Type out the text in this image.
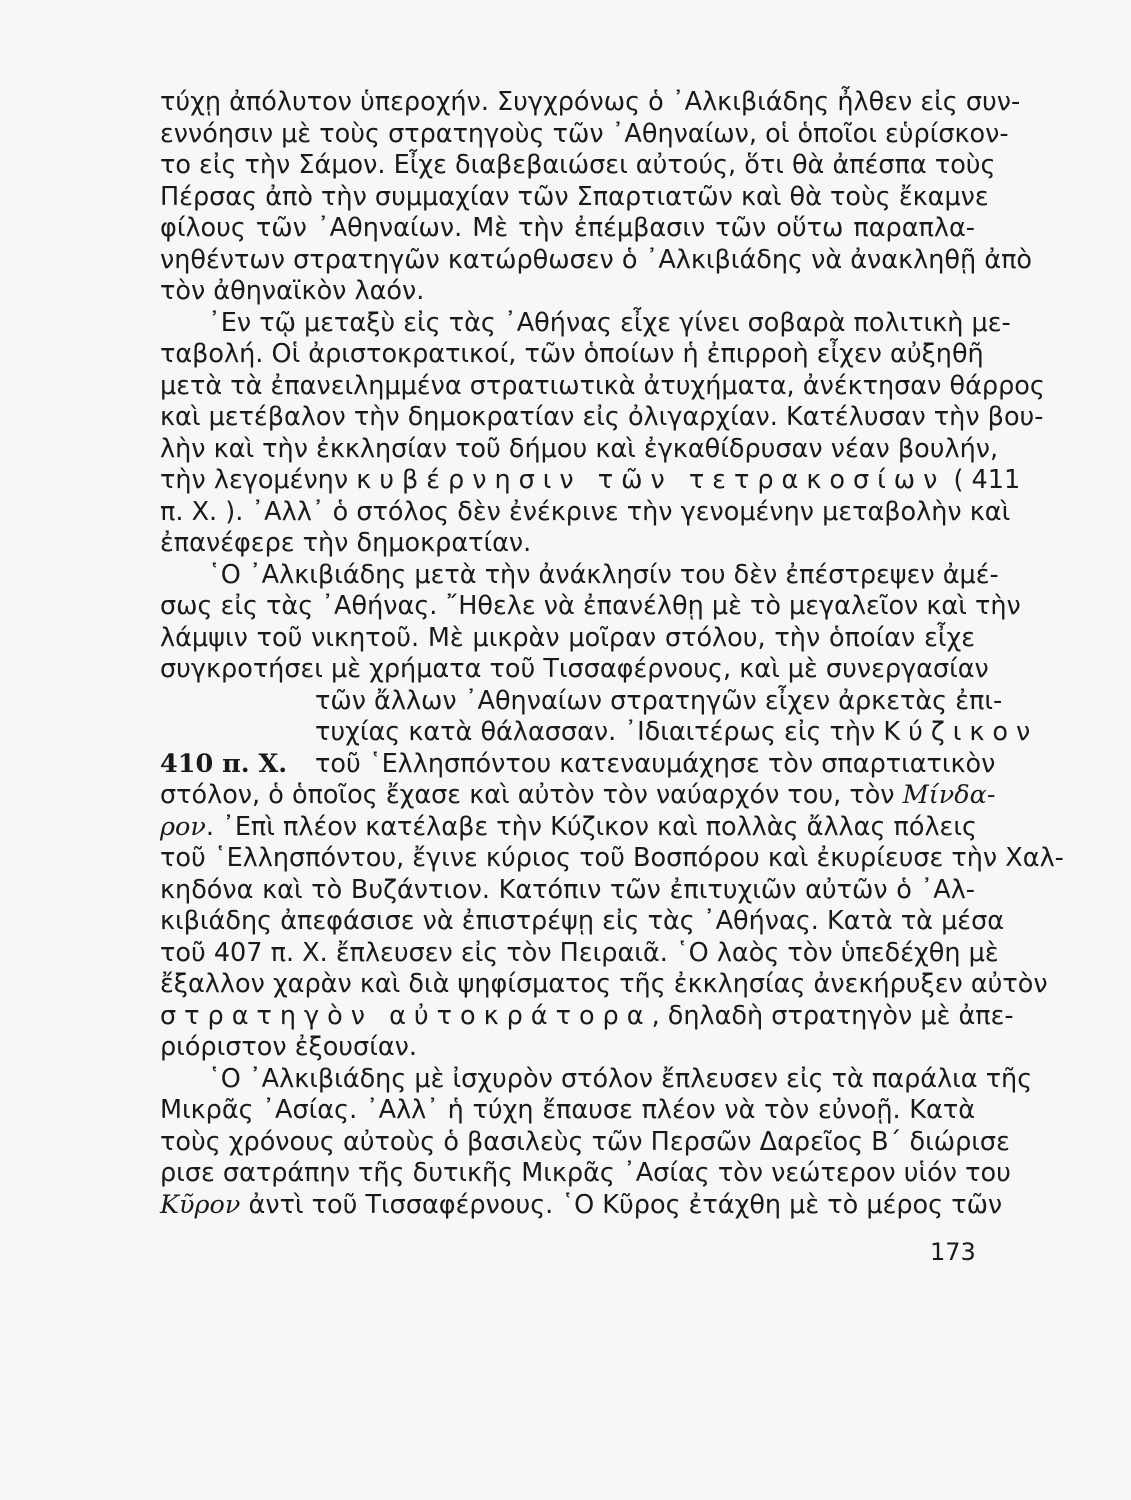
τύχῃ ἀπόλυτον ὑπεροχήν. Συγχρόνως ὁ ᾿Αλκιβιάδης ἦλθεν εἰς συν-
εννόησιν μὲ τοὺς στρατηγοὺς τῶν ᾿Αθηναίων, οἱ ὁποῖοι εὑρίσκον-
το εἰς τὴν Σάμον. Εἶχε διαβεβαιώσει αὐτούς, ὅτι θὰ ἀπέσπα τοὺς
Πέρσας ἀπὸ τὴν συμμαχίαν τῶν Σπαρτιατῶν καὶ θὰ τοὺς ἔκαμνε
φίλους τῶν ᾿Αθηναίων. Μὲ τὴν ἐπέμβασιν τῶν οὕτω παραπλα-
νηθέντων στρατηγῶν κατώρθωσεν ὁ ᾿Αλκιβιάδης νὰ ἀνακληθῇ ἀπὸ
τὸν ἀθηναϊκὸν λαόν.
᾿Εν τῷ μεταξὺ εἰς τὰς ᾿Αθήνας εἶχε γίνει σοβαρὰ πολιτικὴ με-
ταβολή. Οἱ ἀριστοκρατικοί, τῶν ὁποίων ἡ ἐπιρροὴ εἶχεν αὐξηθῆ
μετὰ τὰ ἐπανειλημμένα στρατιωτικὰ ἀτυχήματα, ἀνέκτησαν θάρρος
καὶ μετέβαλον τὴν δημοκρατίαν εἰς ὀλιγαρχίαν. Κατέλυσαν τὴν βου-
λὴν καὶ τὴν ἐκκλησίαν τοῦ δήμου καὶ ἐγκαθίδρυσαν νέαν βουλήν,
τὴν λεγομένην κυβέρνησιν τῶν τετρακοσίων ( 411
π. Χ. ). ᾿Αλλ᾿ ὁ στόλος δὲν ἐνέκρινε τὴν γενομένην μεταβολὴν καὶ
ἐπανέφερε τὴν δημοκρατίαν.
῾Ο ᾿Αλκιβιάδης μετὰ τὴν ἀνάκλησίν του δὲν ἐπέστρεψεν ἀμέ-
σως εἰς τὰς ᾿Αθήνας. ῎Ηθελε νὰ ἐπανέλθῃ μὲ τὸ μεγαλεῖον καὶ τὴν
λάμψιν τοῦ νικητοῦ. Μὲ μικρὰν μοῖραν στόλου, τὴν ὁποίαν εἶχε
συγκροτήσει μὲ χρήματα τοῦ Τισσαφέρνους, καὶ μὲ συνεργασίαν
τῶν ἄλλων ᾿Αθηναίων στρατηγῶν εἶχεν ἀρκετὰς ἐπι-
410 π. Χ.
τυχίας κατὰ θάλασσαν. ᾿Ιδιαιτέρως εἰς τὴν Κύζικον
τοῦ ῾Ελλησπόντου κατεναυμάχησε τὸν σπαρτιατικὸν
στόλον, ὁ ὁποῖος ἔχασε καὶ αὐτὸν τὸν ναύαρχόν του, τὸν Μίνδα-
ρον. ᾿Επὶ πλέον κατέλαβε τὴν Κύζικον καὶ πολλὰς ἄλλας πόλεις
τοῦ ῾Ελλησπόντου, ἔγινε κύριος τοῦ Βοσπόρου καὶ ἐκυρίευσε τὴν Χαλ-
κηδόνα καὶ τὸ Βυζάντιον. Κατόπιν τῶν ἐπιτυχιῶν αὐτῶν ὁ ᾿Αλ-
κιβιάδης ἀπεφάσισε νὰ ἐπιστρέψῃ εἰς τὰς ᾿Αθήνας. Κατὰ τὰ μέσα
τοῦ 407 π. Χ. ἔπλευσεν εἰς τὸν Πειραιᾶ. ῾Ο λαὸς τὸν ὑπεδέχθη μὲ
ἔξαλλον χαρὰν καὶ διὰ ψηφίσματος τῆς ἐκκλησίας ἀνεκήρυξεν αὐτὸν
στρατηγὸν αὐτοκράτορα, δηλαδὴ στρατηγὸν μὲ ἀπε-
ριόριστον ἐξουσίαν.
῾Ο ᾿Αλκιβιάδης μὲ ἰσχυρὸν στόλον ἔπλευσεν εἰς τὰ παράλια τῆς
Μικρᾶς ᾿Ασίας. ᾿Αλλ᾿ ἡ τύχη ἔπαυσε πλέον νὰ τὸν εὐνοῇ. Κατὰ
τοὺς χρόνους αὐτοὺς ὁ βασιλεὺς τῶν Περσῶν Δαρεῖος Β΄ διώρισε
ρισε σατράπην τῆς δυτικῆς Μικρᾶς ᾿Ασίας τὸν νεώτερον υἱόν του
Κῦρον ἀντὶ τοῦ Τισσαφέρνους. ῾Ο Κῦρος ἐτάχθη μὲ τὸ μέρος τῶν
173
